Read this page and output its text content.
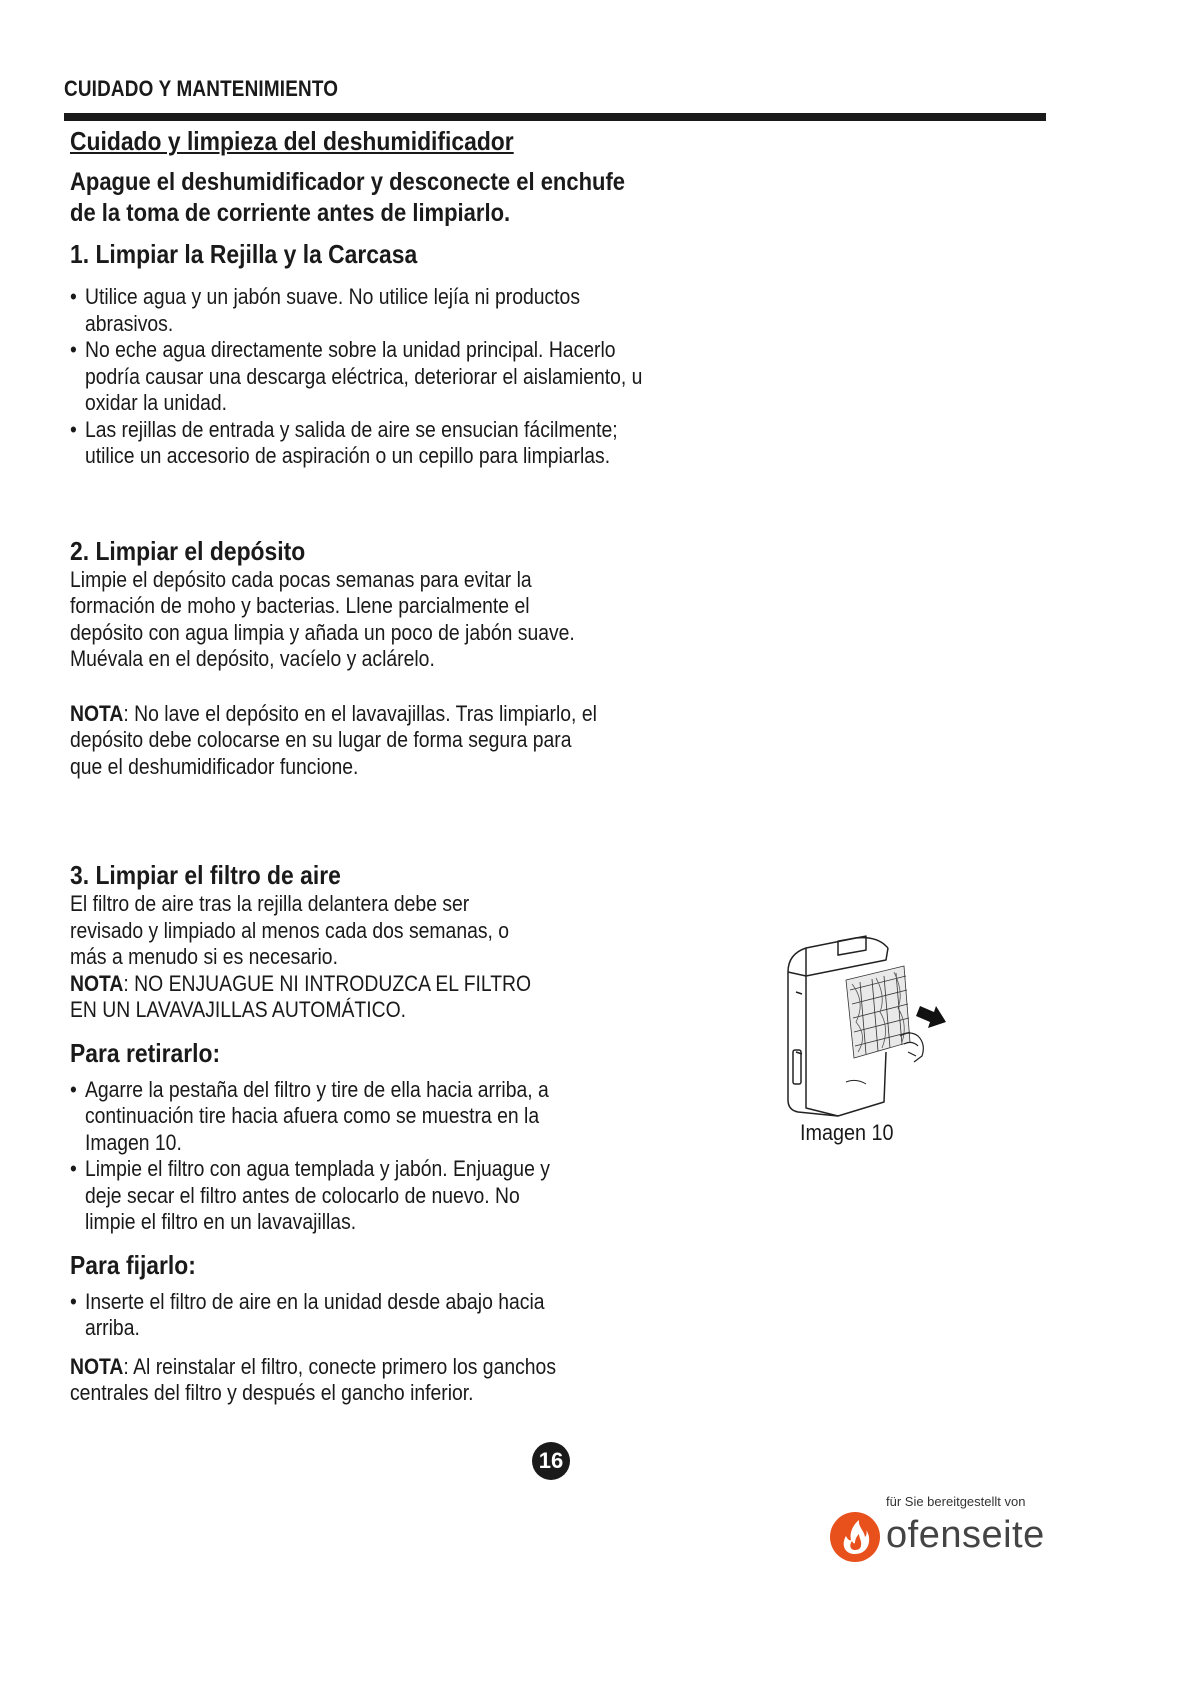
CUIDADO Y MANTENIMIENTO
Cuidado y limpieza del deshumidificador
Apague el deshumidificador y desconecte el enchufe
de la toma de corriente antes de limpiarlo.
1. Limpiar la Rejilla y la Carcasa
• Utilice agua y un jabón suave. No utilice lejía ni productos
abrasivos.
• No eche agua directamente sobre la unidad principal. Hacerlo
podría causar una descarga eléctrica, deteriorar el aislamiento, u
oxidar la unidad.
• Las rejillas de entrada y salida de aire se ensucian fácilmente;
utilice un accesorio de aspiración o un cepillo para limpiarlas.
2. Limpiar el depósito
Limpie el depósito cada pocas semanas para evitar la
formación de moho y bacterias. Llene parcialmente el
depósito con agua limpia y añada un poco de jabón suave.
Muévala en el depósito, vacíelo y aclárelo.
NOTA: No lave el depósito en el lavavajillas. Tras limpiarlo, el
depósito debe colocarse en su lugar de forma segura para
que el deshumidificador funcione.
3. Limpiar el filtro de aire
El filtro de aire tras la rejilla delantera debe ser
revisado y limpiado al menos cada dos semanas, o
más a menudo si es necesario.
NOTA: NO ENJUAGUE NI INTRODUZCA EL FILTRO
EN UN LAVAVAJILLAS AUTOMÁTICO.
Para retirarlo:
• Agarre la pestaña del filtro y tire de ella hacia arriba, a
continuación tire hacia afuera como se muestra en la
Imagen 10.
• Limpie el filtro con agua templada y jabón. Enjuague y
deje secar el filtro antes de colocarlo de nuevo. No
limpie el filtro en un lavavajillas.
Para fijarlo:
• Inserte el filtro de aire en la unidad desde abajo hacia
arriba.
NOTA: Al reinstalar el filtro, conecte primero los ganchos
centrales del filtro y después el gancho inferior.
Imagen 10
16
für Sie bereitgestellt von
ofenseite
